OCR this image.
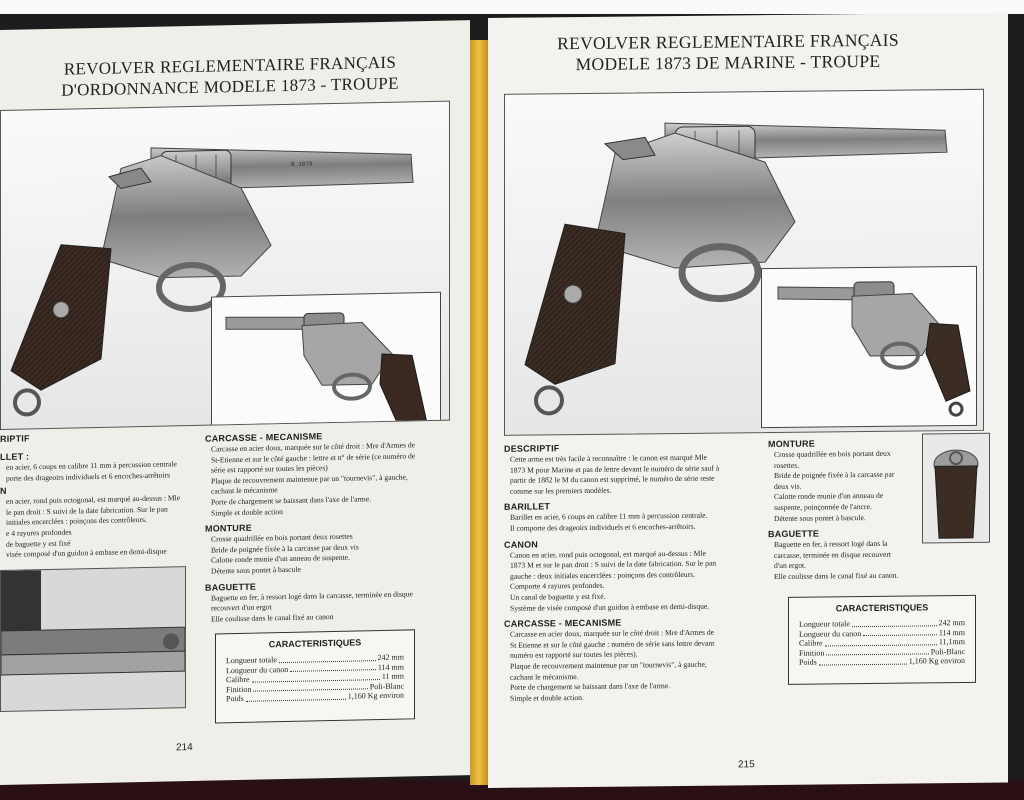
REVOLVER REGLEMENTAIRE FRANÇAIS
D'ORDONNANCE MODELE 1873 - TROUPE
B 1878
RIPTIF
LLET :

en acier, 6 coups en calibre 11 mm à percussion centrale

porte des drageoirs individuels et 6 encoches-arrêtoirs

N

en acier, rond puis octogonal, est marqué au-dessus : Mle

le pan droit : S suivi de la date fabrication. Sur le pan

initiales encerclées : poinçons des contrôleurs.

e 4 rayures profondes

de baguette y est fixé

visée composé d'un guidon à embase en demi-disque

CARCASSE - MECANISME

Carcasse en acier doux, marquée sur le côté droit : Mre d'Armes de

St-Etienne et sur le côté gauche : lettre et n° de série (ce numéro de

série est rapporté sur toutes les pièces)

Plaque de recouvrement maintenue par un "tournevis", à gauche,

cachant le mécanisme

Porte de chargement se baissant dans l'axe de l'arme.

Simple et double action

MONTURE

Crosse quadrillée en bois portant deux rosettes

Bride de poignée fixée à la carcasse par deux vis

Calotte ronde munie d'un anneau de suspente.

Détente sous pontet à bascule

BAGUETTE

Baguette en fer, à ressort logé dans la carcasse, terminée en disque

recouvert d'un ergot

Elle coulisse dans le canal fixé au canon

CARACTERISTIQUES
Longueur totale	242 mm
Longueur du canon	114 mm
Calibre	11 mm
Finition	Poli-Blanc
Poids	1,160 Kg environ
214
REVOLVER REGLEMENTAIRE FRANÇAIS
MODELE 1873 DE MARINE - TROUPE
DESCRIPTIF

Cette arme est très facile à reconnaître : le canon est marqué Mle

1873 M pour Marine et pas de lettre devant le numéro de série sauf à

partir de 1882 le M du canon est supprimé, le numéro de série reste

comme sur les premiers modèles.

BARILLET

Barillet en acier, 6 coups en calibre 11 mm à percussion centrale.

Il comporte des drageoirs individuels et 6 encoches-arrêtoirs.

CANON

Canon en acier, rond puis octogonal, est marqué au-dessus : Mle

1873 M et sur le pan droit : S suivi de la date fabrication. Sur le pan

gauche : deux initiales encerclées : poinçons des contrôleurs.

Comporte 4 rayures profondes.

Un canal de baguette y est fixé.

Système de visée composé d'un guidon à embase en demi-disque.

CARCASSE - MECANISME

Carcasse en acier doux, marquée sur le côté droit : Mre d'Armes de

St Etienne et sur le côté gauche : numéro de série sans lettre devant

numéro est rapporté sur toutes les pièces).

Plaque de recouvrement maintenue par un "tournevis", à gauche,

cachant le mécanisme.

Porte de chargement se baissant dans l'axe de l'arme.

Simple et double action.

MONTURE

Crosse quadrillée en bois portant deux

rosettes.

Bride de poignée fixée à la carcasse par

deux vis.

Calotte ronde munie d'un anneau de

suspente, poinçonnée de l'ancre.

Détente sous pontet à bascule.

BAGUETTE

Baguette en fer, à ressort logé dans la

carcasse, terminée en disque recouvert

d'un ergot.

Elle coulisse dans le canal fixé au canon.

CARACTERISTIQUES
Longueur totale	242 mm
Longueur du canon	114 mm
Calibre	11,1mm
Finition	Poli-Blanc
Poids	1,160 Kg environ
215
